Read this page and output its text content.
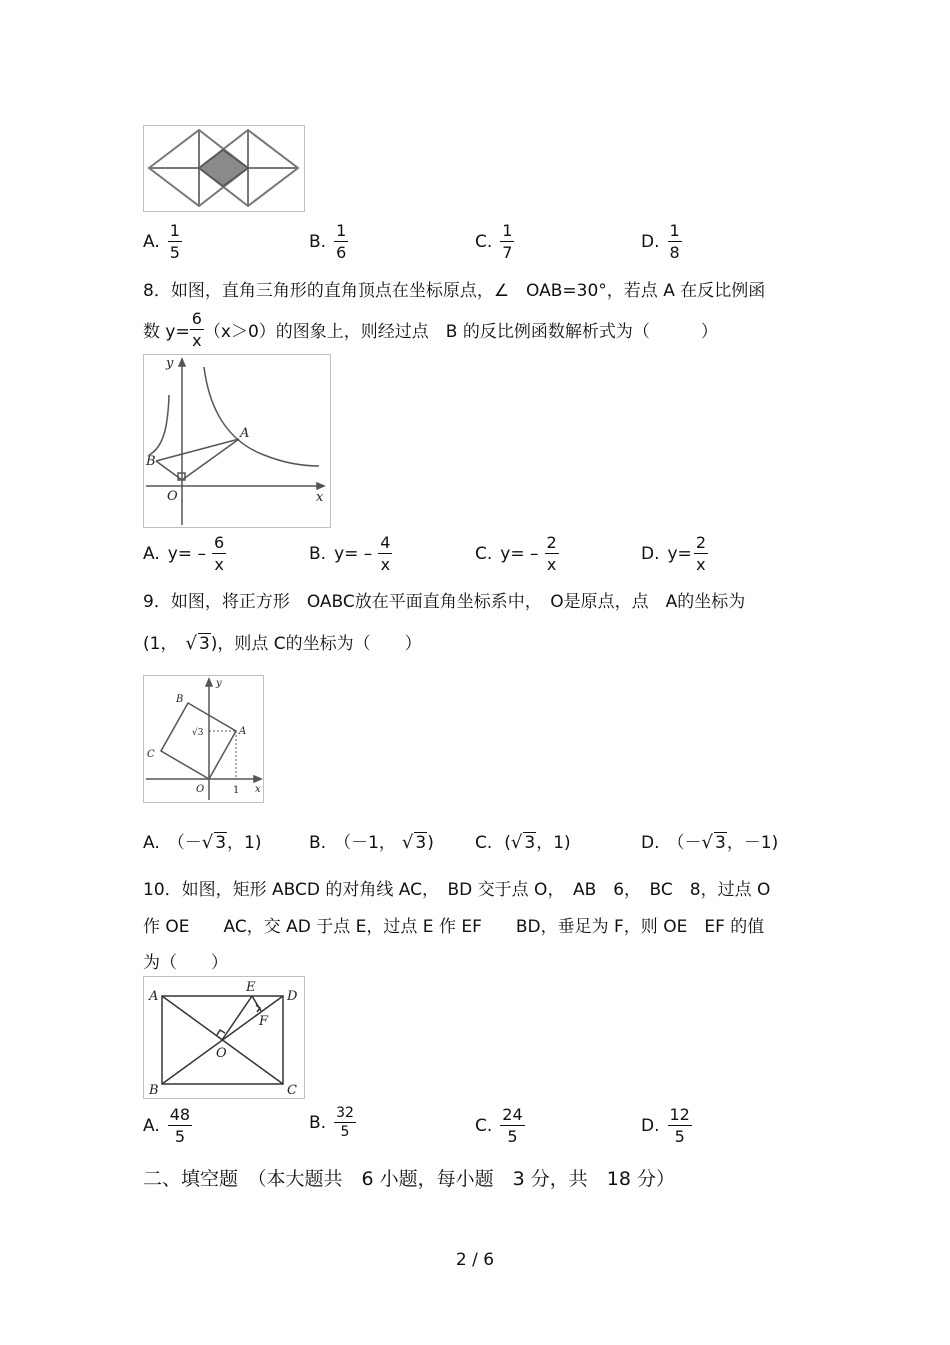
A. $\frac{1}{5}$	B. $\frac{1}{6}$	C. $\frac{1}{7}$	D. $\frac{1}{8}$
8．如图，直角三角形的直角顶点在坐标原点，∠　OAB=30°，若点 A 在反比例函
数 $y= \frac{6}{x} (x>0)$的图象上，则经过点　B 的反比例函数解析式为（　　　）
y
x
A
B
O
A. $y= - \frac{6}{x}$	B. $y= - \frac{4}{x}$	C. $y= - \frac{2}{x}$	D. $y= \frac{2}{x}$
9．如图，将正方形　OABC放在平面直角坐标系中，　O是原点，点　A的坐标为
(1， √ 3 )，则点 C的坐标为（　　）
y
x
A
B
C
O	1
√3
A. （－ √ 3 ，1)	B. （－1， √ 3 ) C. ( √ 3 ，1)	D. （－ √ 3 ，－1)
10．如图，矩形 ABCD 的对角线 AC，　BD 交于点 O，　AB　6，　BC　8，过点 O
作 OE　　AC，交 AD 于点 E，过点 E 作 EF　　BD，垂足为 F，则 OE　EF 的值
为（　　）
A	D
B	C
E
F
O
A. $\frac{48}{5}$	B. $\frac{32}{5}$	C. $\frac{24}{5}$	D. $\frac{12}{5}$
二、填空题　（本大题共　6 小题，每小题　3 分，共　18 分）
2 / 6
